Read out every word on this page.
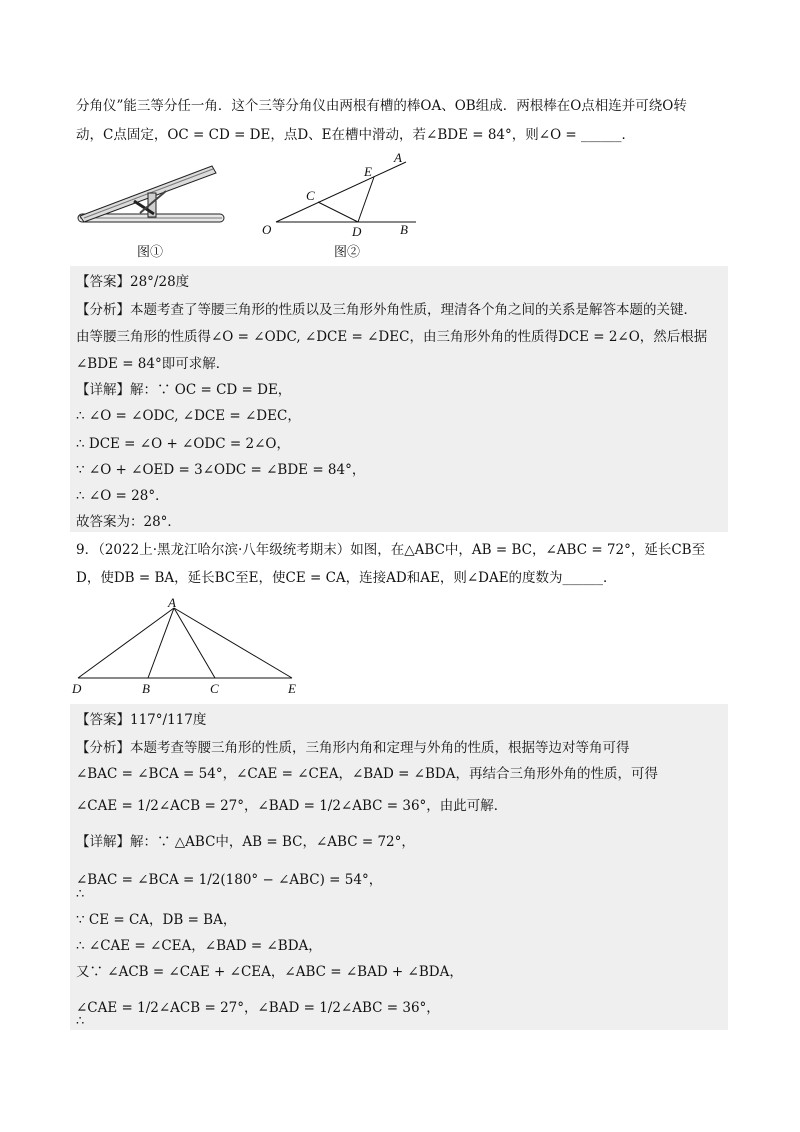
分角仪”能三等分任一角．这个三等分角仪由两根有槽的棒OA、OB组成．两根棒在O点相连并可绕O转
动，C点固定，OC = CD = DE，点D、E在槽中滑动，若∠BDE = 84°，则∠O = ______．
图①
A
E
C
O	D	B
图②
【答案】28°/28度
【分析】本题考查了等腰三角形的性质以及三角形外角性质，理清各个角之间的关系是解答本题的关键．
由等腰三角形的性质得∠O = ∠ODC, ∠DCE = ∠DEC，由三角形外角的性质得DCE = 2∠O，然后根据
∠BDE = 84°即可求解．
【详解】解：∵ OC = CD = DE，
∴ ∠O = ∠ODC, ∠DCE = ∠DEC，
∴ DCE = ∠O + ∠ODC = 2∠O，
∵ ∠O + ∠OED = 3∠ODC = ∠BDE = 84°，
∴ ∠O = 28°．
故答案为：28°．
9．（2022上·黑龙江哈尔滨·八年级统考期末）如图，在△ABC中，AB = BC，∠ABC = 72°，延长CB至
D，使DB = BA，延长BC至E，使CE = CA，连接AD和AE，则∠DAE的度数为______．
A
D	B	C	E
【答案】117°/117度
【分析】本题考查等腰三角形的性质，三角形内角和定理与外角的性质，根据等边对等角可得
∠BAC = ∠BCA = 54°，∠CAE = ∠CEA，∠BAD = ∠BDA，再结合三角形外角的性质，可得
∠CAE = 1/2∠ACB = 27°，∠BAD = 1/2∠ABC = 36°，由此可解．
【详解】解：∵ △ABC中，AB = BC，∠ABC = 72°，
∠BAC = ∠BCA = 1/2(180° − ∠ABC) = 54°，
∴
∵ CE = CA，DB = BA，
∴ ∠CAE = ∠CEA，∠BAD = ∠BDA，
又∵ ∠ACB = ∠CAE + ∠CEA，∠ABC = ∠BAD + ∠BDA，
∠CAE = 1/2∠ACB = 27°，∠BAD = 1/2∠ABC = 36°，
∴
